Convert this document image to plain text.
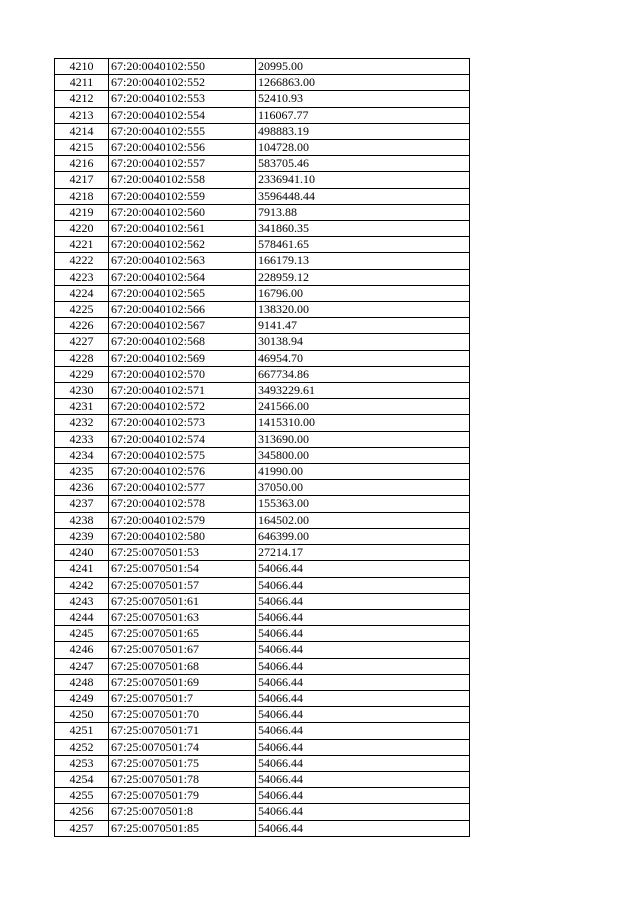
4210	67:20:0040102:550	20995.00
4211	67:20:0040102:552	1266863.00
4212	67:20:0040102:553	52410.93
4213	67:20:0040102:554	116067.77
4214	67:20:0040102:555	498883.19
4215	67:20:0040102:556	104728.00
4216	67:20:0040102:557	583705.46
4217	67:20:0040102:558	2336941.10
4218	67:20:0040102:559	3596448.44
4219	67:20:0040102:560	7913.88
4220	67:20:0040102:561	341860.35
4221	67:20:0040102:562	578461.65
4222	67:20:0040102:563	166179.13
4223	67:20:0040102:564	228959.12
4224	67:20:0040102:565	16796.00
4225	67:20:0040102:566	138320.00
4226	67:20:0040102:567	9141.47
4227	67:20:0040102:568	30138.94
4228	67:20:0040102:569	46954.70
4229	67:20:0040102:570	667734.86
4230	67:20:0040102:571	3493229.61
4231	67:20:0040102:572	241566.00
4232	67:20:0040102:573	1415310.00
4233	67:20:0040102:574	313690.00
4234	67:20:0040102:575	345800.00
4235	67:20:0040102:576	41990.00
4236	67:20:0040102:577	37050.00
4237	67:20:0040102:578	155363.00
4238	67:20:0040102:579	164502.00
4239	67:20:0040102:580	646399.00
4240	67:25:0070501:53	27214.17
4241	67:25:0070501:54	54066.44
4242	67:25:0070501:57	54066.44
4243	67:25:0070501:61	54066.44
4244	67:25:0070501:63	54066.44
4245	67:25:0070501:65	54066.44
4246	67:25:0070501:67	54066.44
4247	67:25:0070501:68	54066.44
4248	67:25:0070501:69	54066.44
4249	67:25:0070501:7	54066.44
4250	67:25:0070501:70	54066.44
4251	67:25:0070501:71	54066.44
4252	67:25:0070501:74	54066.44
4253	67:25:0070501:75	54066.44
4254	67:25:0070501:78	54066.44
4255	67:25:0070501:79	54066.44
4256	67:25:0070501:8	54066.44
4257	67:25:0070501:85	54066.44
